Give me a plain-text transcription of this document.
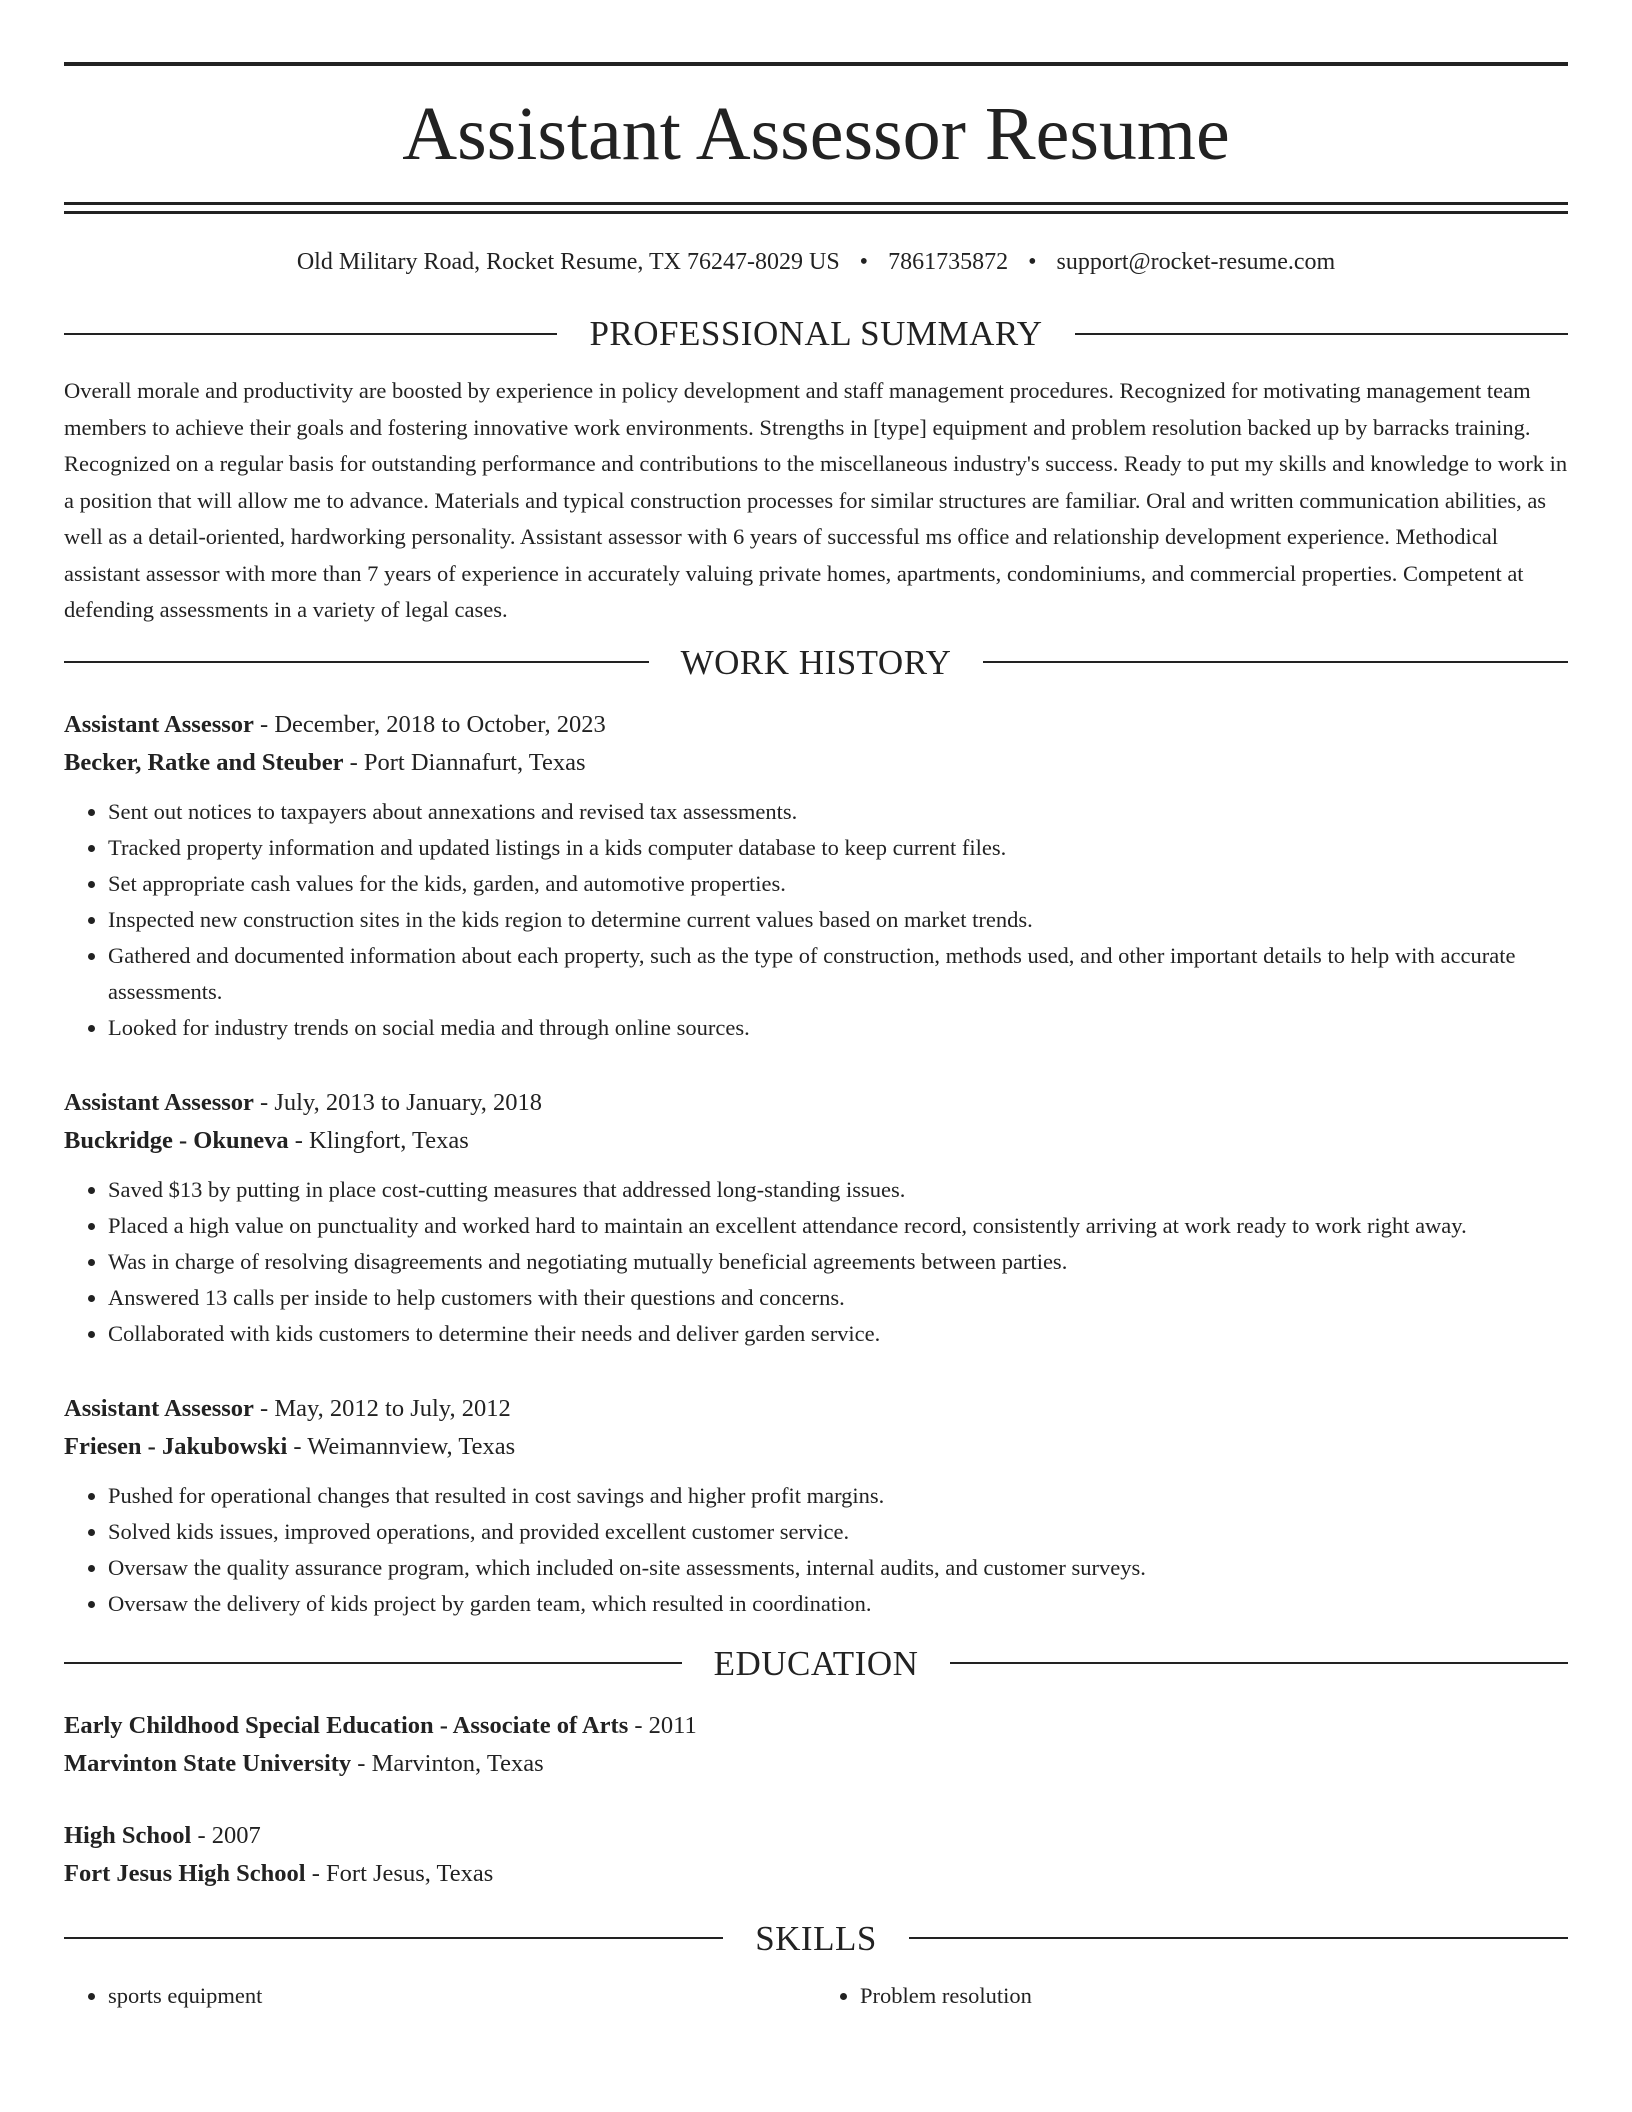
Assistant Assessor Resume
Old Military Road, Rocket Resume, TX 76247-8029 US • 7861735872 • support@rocket-resume.com
PROFESSIONAL SUMMARY

Overall morale and productivity are boosted by experience in policy development and staff management procedures. Recognized for motivating management team members to achieve their goals and fostering innovative work environments. Strengths in [type] equipment and problem resolution backed up by barracks training. Recognized on a regular basis for outstanding performance and contributions to the miscellaneous industry's success. Ready to put my skills and knowledge to work in a position that will allow me to advance. Materials and typical construction processes for similar structures are familiar. Oral and written communication abilities, as well as a detail-oriented, hardworking personality. Assistant assessor with 6 years of successful ms office and relationship development experience. Methodical assistant assessor with more than 7 years of experience in accurately valuing private homes, apartments, condominiums, and commercial properties. Competent at defending assessments in a variety of legal cases.

WORK HISTORY
Assistant Assessor - December, 2018 to October, 2023
Becker, Ratke and Steuber - Port Diannafurt, Texas
• Sent out notices to taxpayers about annexations and revised tax assessments.
• Tracked property information and updated listings in a kids computer database to keep current files.
• Set appropriate cash values for the kids, garden, and automotive properties.
• Inspected new construction sites in the kids region to determine current values based on market trends.
• Gathered and documented information about each property, such as the type of construction, methods used, and other important details to help with accurate assessments.
• Looked for industry trends on social media and through online sources.
Assistant Assessor - July, 2013 to January, 2018
Buckridge - Okuneva - Klingfort, Texas
• Saved $13 by putting in place cost-cutting measures that addressed long-standing issues.
• Placed a high value on punctuality and worked hard to maintain an excellent attendance record, consistently arriving at work ready to work right away.
• Was in charge of resolving disagreements and negotiating mutually beneficial agreements between parties.
• Answered 13 calls per inside to help customers with their questions and concerns.
• Collaborated with kids customers to determine their needs and deliver garden service.
Assistant Assessor - May, 2012 to July, 2012
Friesen - Jakubowski - Weimannview, Texas
• Pushed for operational changes that resulted in cost savings and higher profit margins.
• Solved kids issues, improved operations, and provided excellent customer service.
• Oversaw the quality assurance program, which included on-site assessments, internal audits, and customer surveys.
• Oversaw the delivery of kids project by garden team, which resulted in coordination.
EDUCATION
Early Childhood Special Education - Associate of Arts - 2011
Marvinton State University - Marvinton, Texas
High School - 2007
Fort Jesus High School - Fort Jesus, Texas
SKILLS
• sports equipment
•	Problem resolution
